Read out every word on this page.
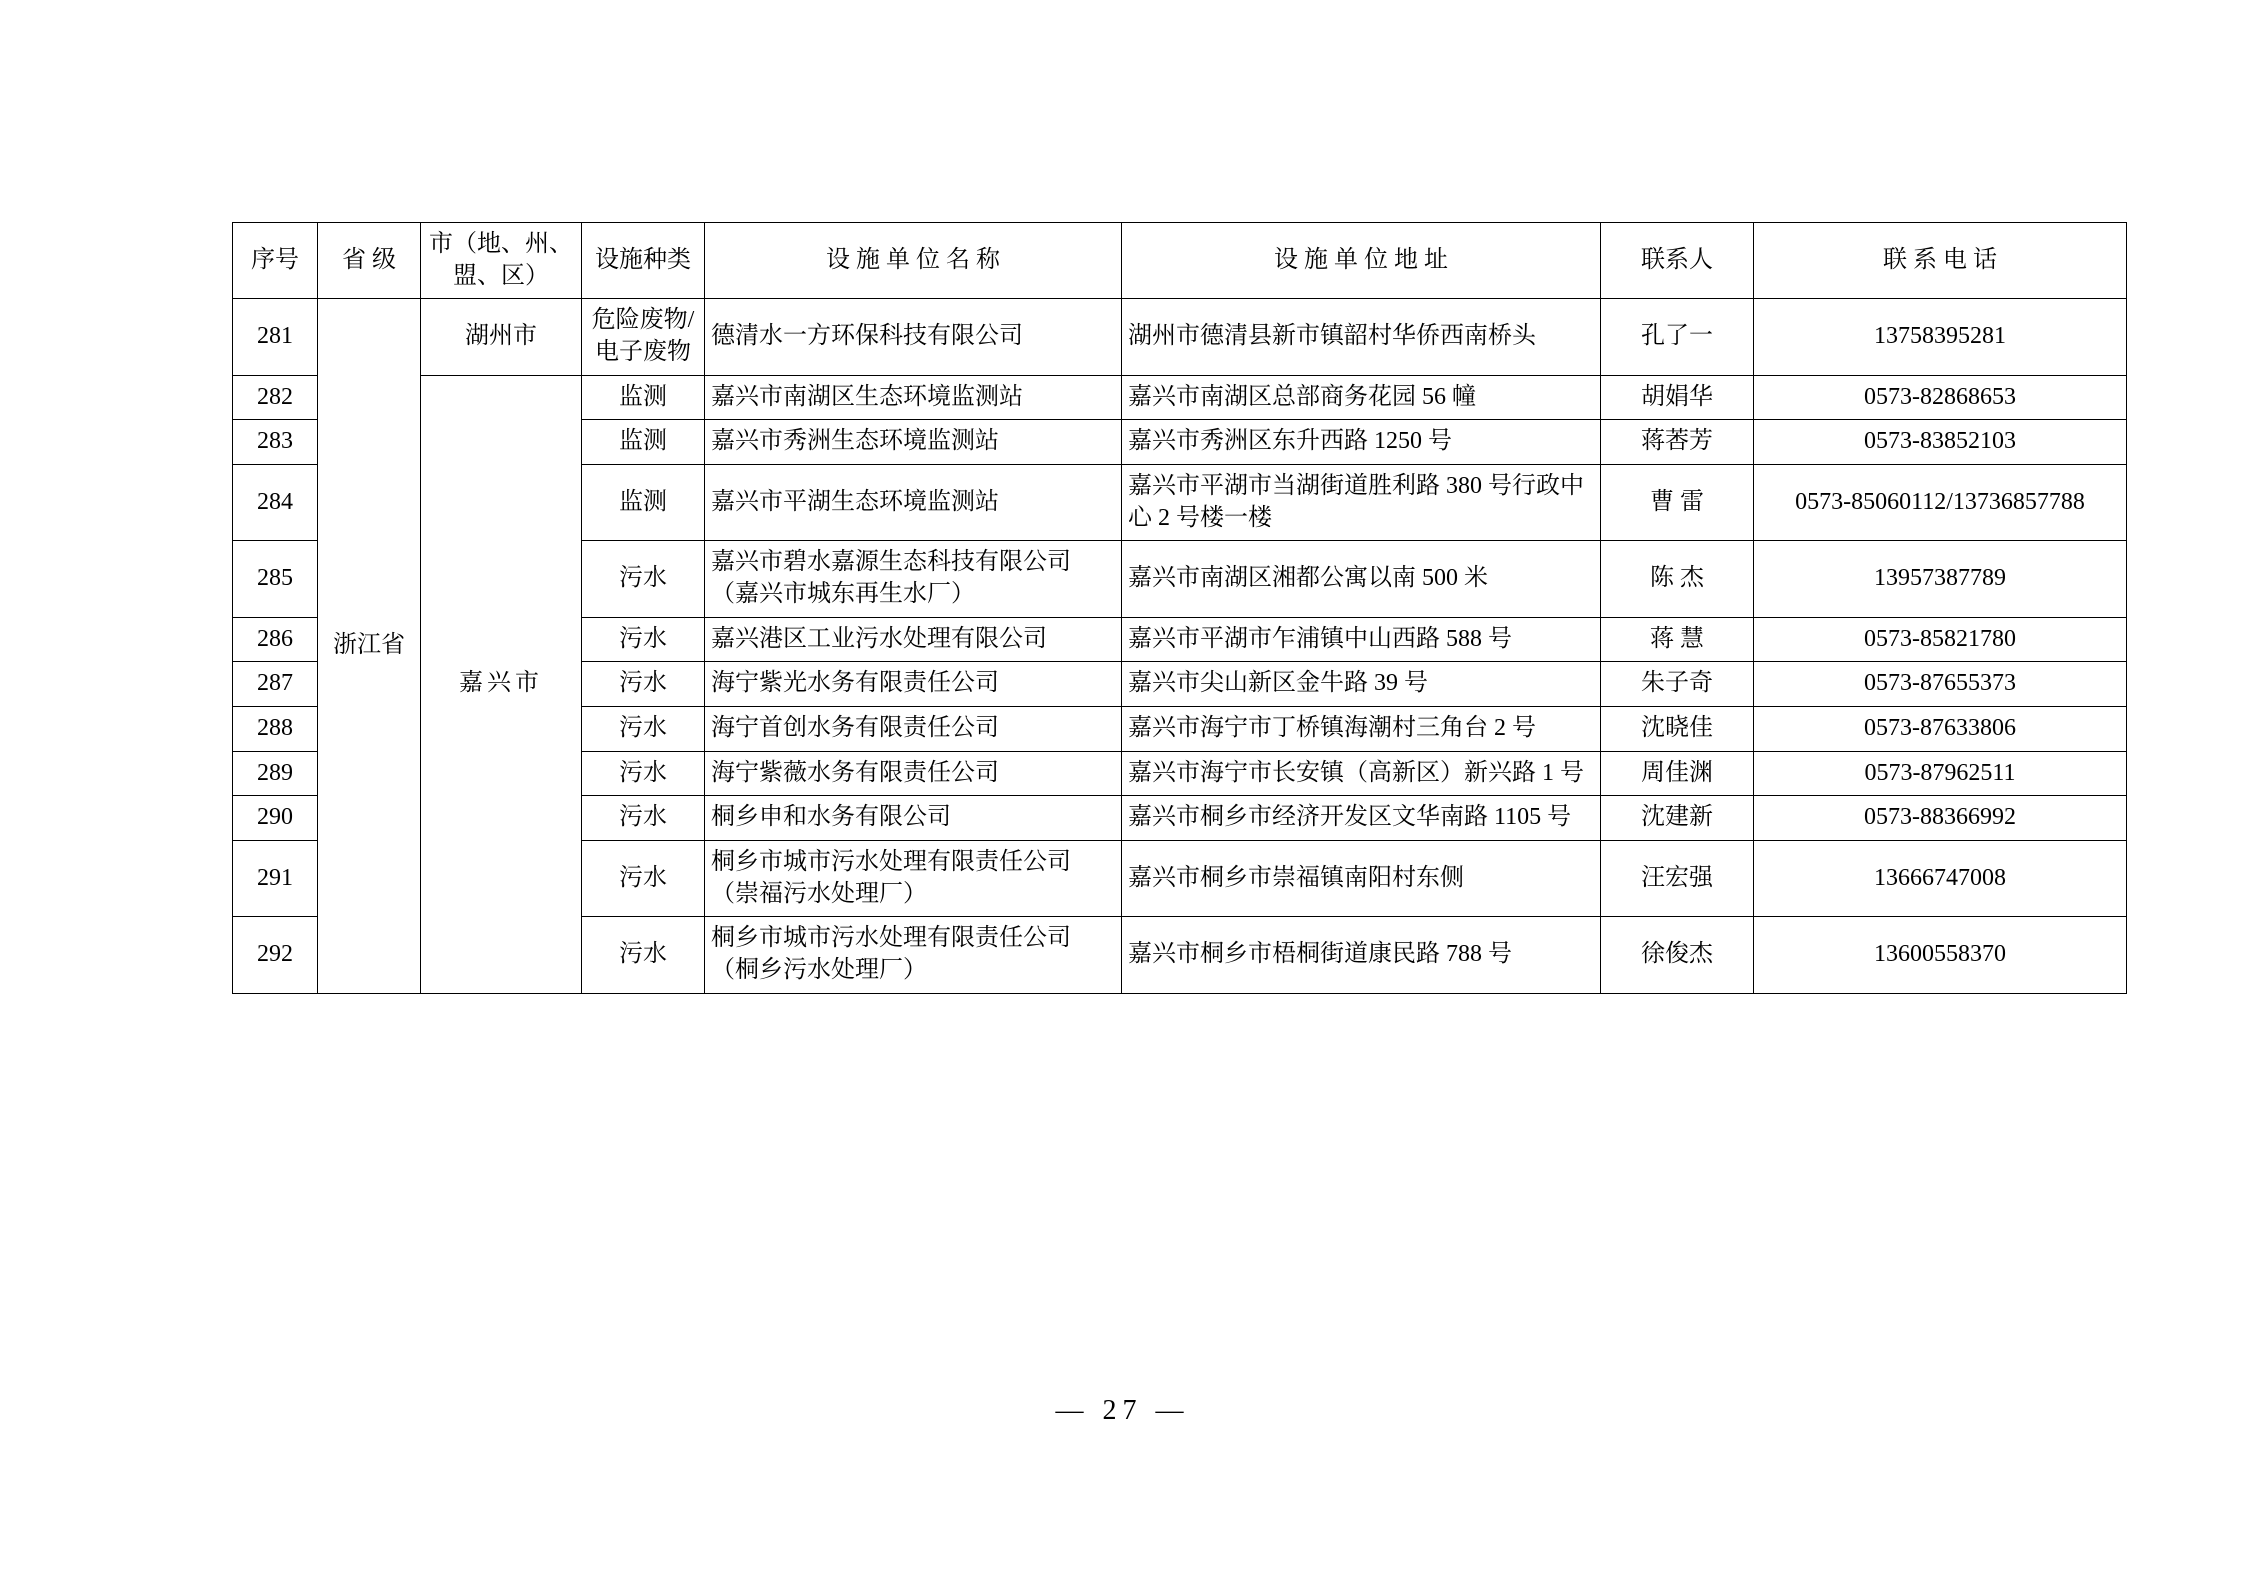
序号	省 级	市（地、州、盟、区）	设施种类	设 施 单 位 名 称	设 施 单 位 地 址	联系人	联 系 电 话
281	浙江省	湖州市	危险废物/电子废物	德清水一方环保科技有限公司	湖州市德清县新市镇韶村华侨西南桥头	孔了一	13758395281
282		嘉兴市	监测	嘉兴市南湖区生态环境监测站	嘉兴市南湖区总部商务花园 56 幢	胡娟华	0573-82868653
283			监测	嘉兴市秀洲生态环境监测站	嘉兴市秀洲区东升西路 1250 号	蒋莕芳	0573-83852103
284			监测	嘉兴市平湖生态环境监测站	嘉兴市平湖市当湖街道胜利路 380 号行政中心 2 号楼一楼	曹 雷	0573-85060112/13736857788
285			污水	嘉兴市碧水嘉源生态科技有限公司（嘉兴市城东再生水厂）	嘉兴市南湖区湘都公寓以南 500 米	陈 杰	13957387789
286			污水	嘉兴港区工业污水处理有限公司	嘉兴市平湖市乍浦镇中山西路 588 号	蒋 慧	0573-85821780
287			污水	海宁紫光水务有限责任公司	嘉兴市尖山新区金牛路 39 号	朱子奇	0573-87655373
288			污水	海宁首创水务有限责任公司	嘉兴市海宁市丁桥镇海潮村三角台 2 号	沈晓佳	0573-87633806
289			污水	海宁紫薇水务有限责任公司	嘉兴市海宁市长安镇（高新区）新兴路 1 号	周佳渊	0573-87962511
290			污水	桐乡申和水务有限公司	嘉兴市桐乡市经济开发区文华南路 1105 号	沈建新	0573-88366992
291			污水	桐乡市城市污水处理有限责任公司（崇福污水处理厂）	嘉兴市桐乡市崇福镇南阳村东侧	汪宏强	13666747008
292			污水	桐乡市城市污水处理有限责任公司（桐乡污水处理厂）	嘉兴市桐乡市梧桐街道康民路 788 号	徐俊杰	13600558370
— 27 —
